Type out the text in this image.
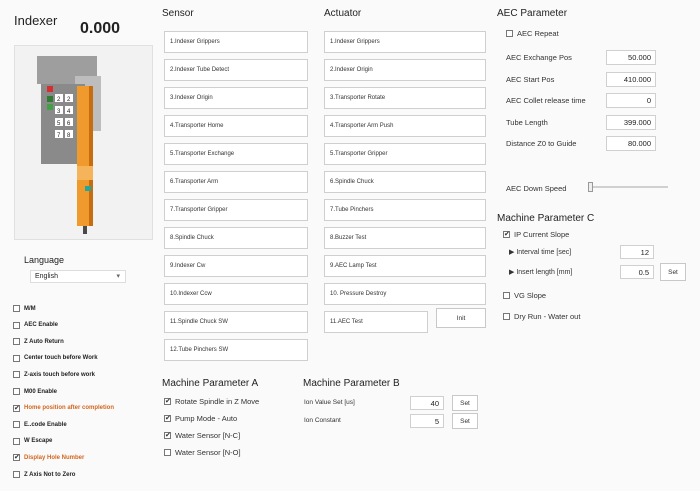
Indexer 0.000
2 2
3 4
5 6
7 8
Language
English	▾
M/M
AEC Enable
Z Auto Return
Center touch before Work
Z-axis touch before work
M00 Enable
✔
Home position after completion
E..code Enable
W Escape
✔
Display Hole Number
Z Axis Not to Zero
Sensor
1.Indexer Grippers
2.Indexer Tube Detect
3.Indexer Origin
4.Transporter Home
5.Transporter Exchange
6.Transporter Arm
7.Transporter Gripper
8.Spindle Chuck
9.Indexer Cw
10.Indexer Ccw
11.Spindle Chuck SW
12.Tube Pinchers SW
Actuator
1.Indexer Grippers
2.Indexer Origin
3.Transporter Rotate
4.Transporter Arm Push
5.Transporter Gripper
6.Spindle Chuck
7.Tube Pinchers
8.Buzzer Test
9.AEC Lamp Test
10. Pressure Destroy
11.AEC Test
Init
Machine Parameter A
✔
Rotate Spindle in Z Move
✔
Pump Mode - Auto
✔
Water Sensor [N-C]
Water Sensor [N-O]
Machine Parameter B
Ion Value Set [us]	40	Set
Ion Constant	5	Set
AEC Parameter
AEC Repeat
AEC Exchange Pos	50.000
AEC Start Pos	410.000
AEC Collet release time	0
Tube Length	399.000
Distance Z0 to Guide	80.000
AEC Down Speed
Machine Parameter C
✔
IP Current Slope
▶ Interval time [sec]	12
▶ Insert length [mm]	0.5	Set
VG Slope
Dry Run - Water out
